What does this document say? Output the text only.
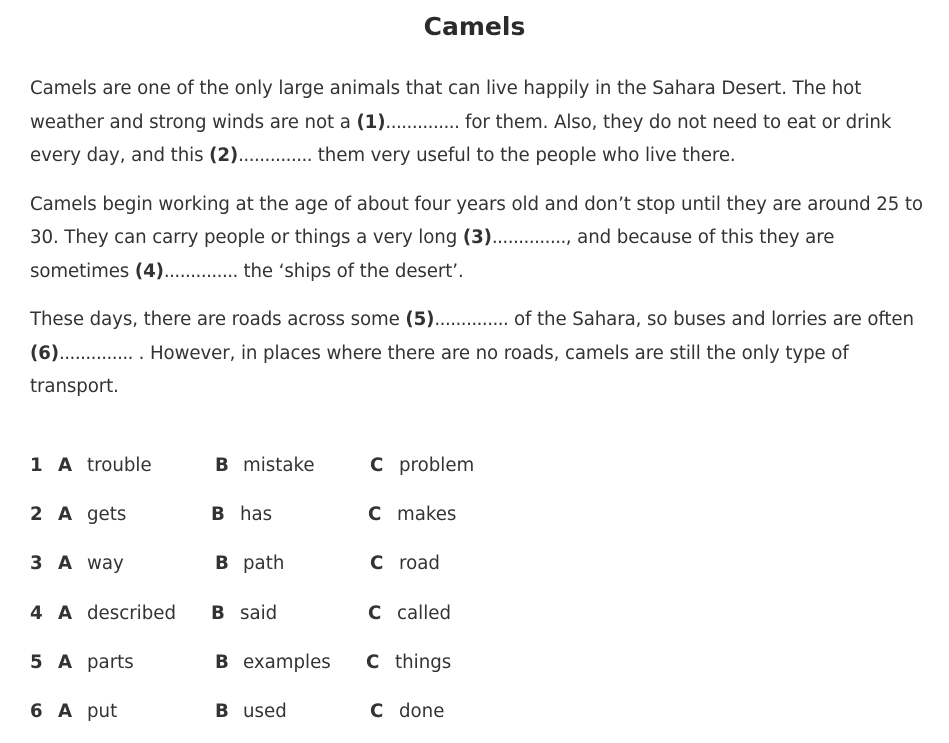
Camels

Camels are one of the only large animals that can live happily in the Sahara Desert. The hot weather and strong winds are not a (1).............. for them. Also, they do not need to eat or drink every day, and this (2).............. them very useful to the people who live there.

Camels begin working at the age of about four years old and don’t stop until they are around 25 to 30. They can carry people or things a very long (3).............., and because of this they are sometimes (4).............. the ‘ships of the desert’.

These days, there are roads across some (5).............. of the Sahara, so buses and lorries are often (6).............. . However, in places where there are no roads, camels are still the only type of transport.

1 A trouble	B mistake	C problem
2 A gets	B has	C makes
3 A way	B path	C road
4 A described B said	C called
5 A parts	B examples C things
6 A put	B used	C done
